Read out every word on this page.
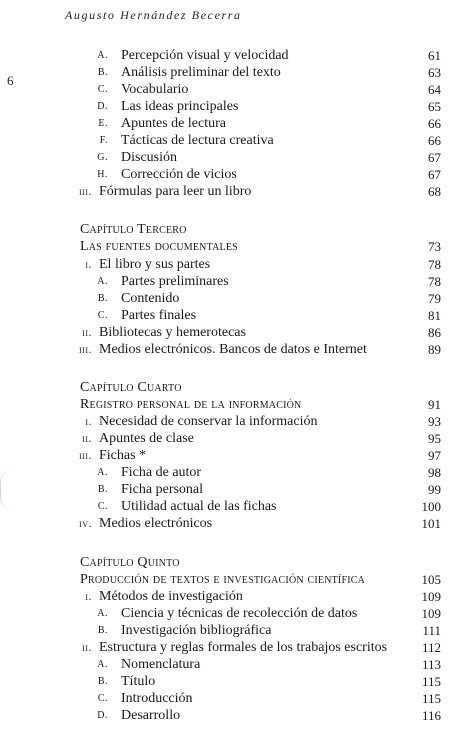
Augusto Hernández Becerra
6
A. Percepción visual y velocidad	61
B. Análisis preliminar del texto	63
C. Vocabulario	64
D. Las ideas principales	65
E. Apuntes de lectura	66
F. Tácticas de lectura creativa	66
G. Discusión	67
H. Corrección de vicios	67
iii. Fórmulas para leer un libro	68
Capítulo Tercero
Las fuentes documentales	73
i. El libro y sus partes	78
A. Partes preliminares	78
B. Contenido	79
C. Partes finales	81
ii. Bibliotecas y hemerotecas	86
iii. Medios electrónicos. Bancos de datos e Internet	89
Capítulo Cuarto
Registro personal de la información	91
i. Necesidad de conservar la información	93
ii. Apuntes de clase	95
iii. Fichas *	97
A. Ficha de autor	98
B. Ficha personal	99
C. Utilidad actual de las fichas	100
iv. Medios electrónicos	101
Capítulo Quinto
Producción de textos e investigación científica	105
i. Métodos de investigación	109
A. Ciencia y técnicas de recolección de datos	109
B. Investigación bibliográfica	111
ii. Estructura y reglas formales de los trabajos escritos	112
A. Nomenclatura	113
B. Título	115
C. Introducción	115
D. Desarrollo	116
